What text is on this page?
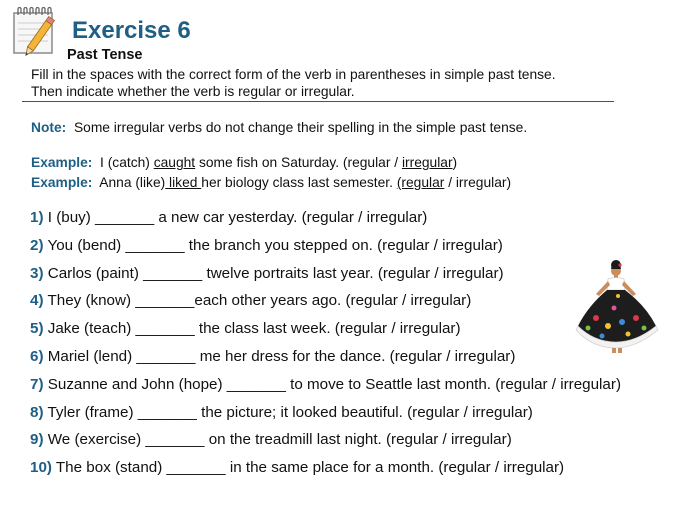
Exercise 6
Past Tense
Fill in the spaces with the correct form of the verb in parentheses in simple past tense.
Then indicate whether the verb is regular or irregular.
Note: Some irregular verbs do not change their spelling in the simple past tense.
Example: I (catch) caught some fish on Saturday. (regular / irregular)
Example: Anna (like) liked her biology class last semester. (regular / irregular)
1) I (buy) _______ a new car yesterday. (regular / irregular)
2) You (bend) _______ the branch you stepped on. (regular / irregular)
3) Carlos (paint) _______ twelve portraits last year. (regular / irregular)
4) They (know) _______each other years ago. (regular / irregular)
5) Jake (teach) _______ the class last week. (regular / irregular)
6) Mariel (lend) _______ me her dress for the dance. (regular / irregular)
7) Suzanne and John (hope) _______ to move to Seattle last month. (regular / irregular)
8) Tyler (frame) _______ the picture; it looked beautiful. (regular / irregular)
9) We (exercise) _______ on the treadmill last night. (regular / irregular)
10) The box (stand) _______ in the same place for a month. (regular / irregular)
